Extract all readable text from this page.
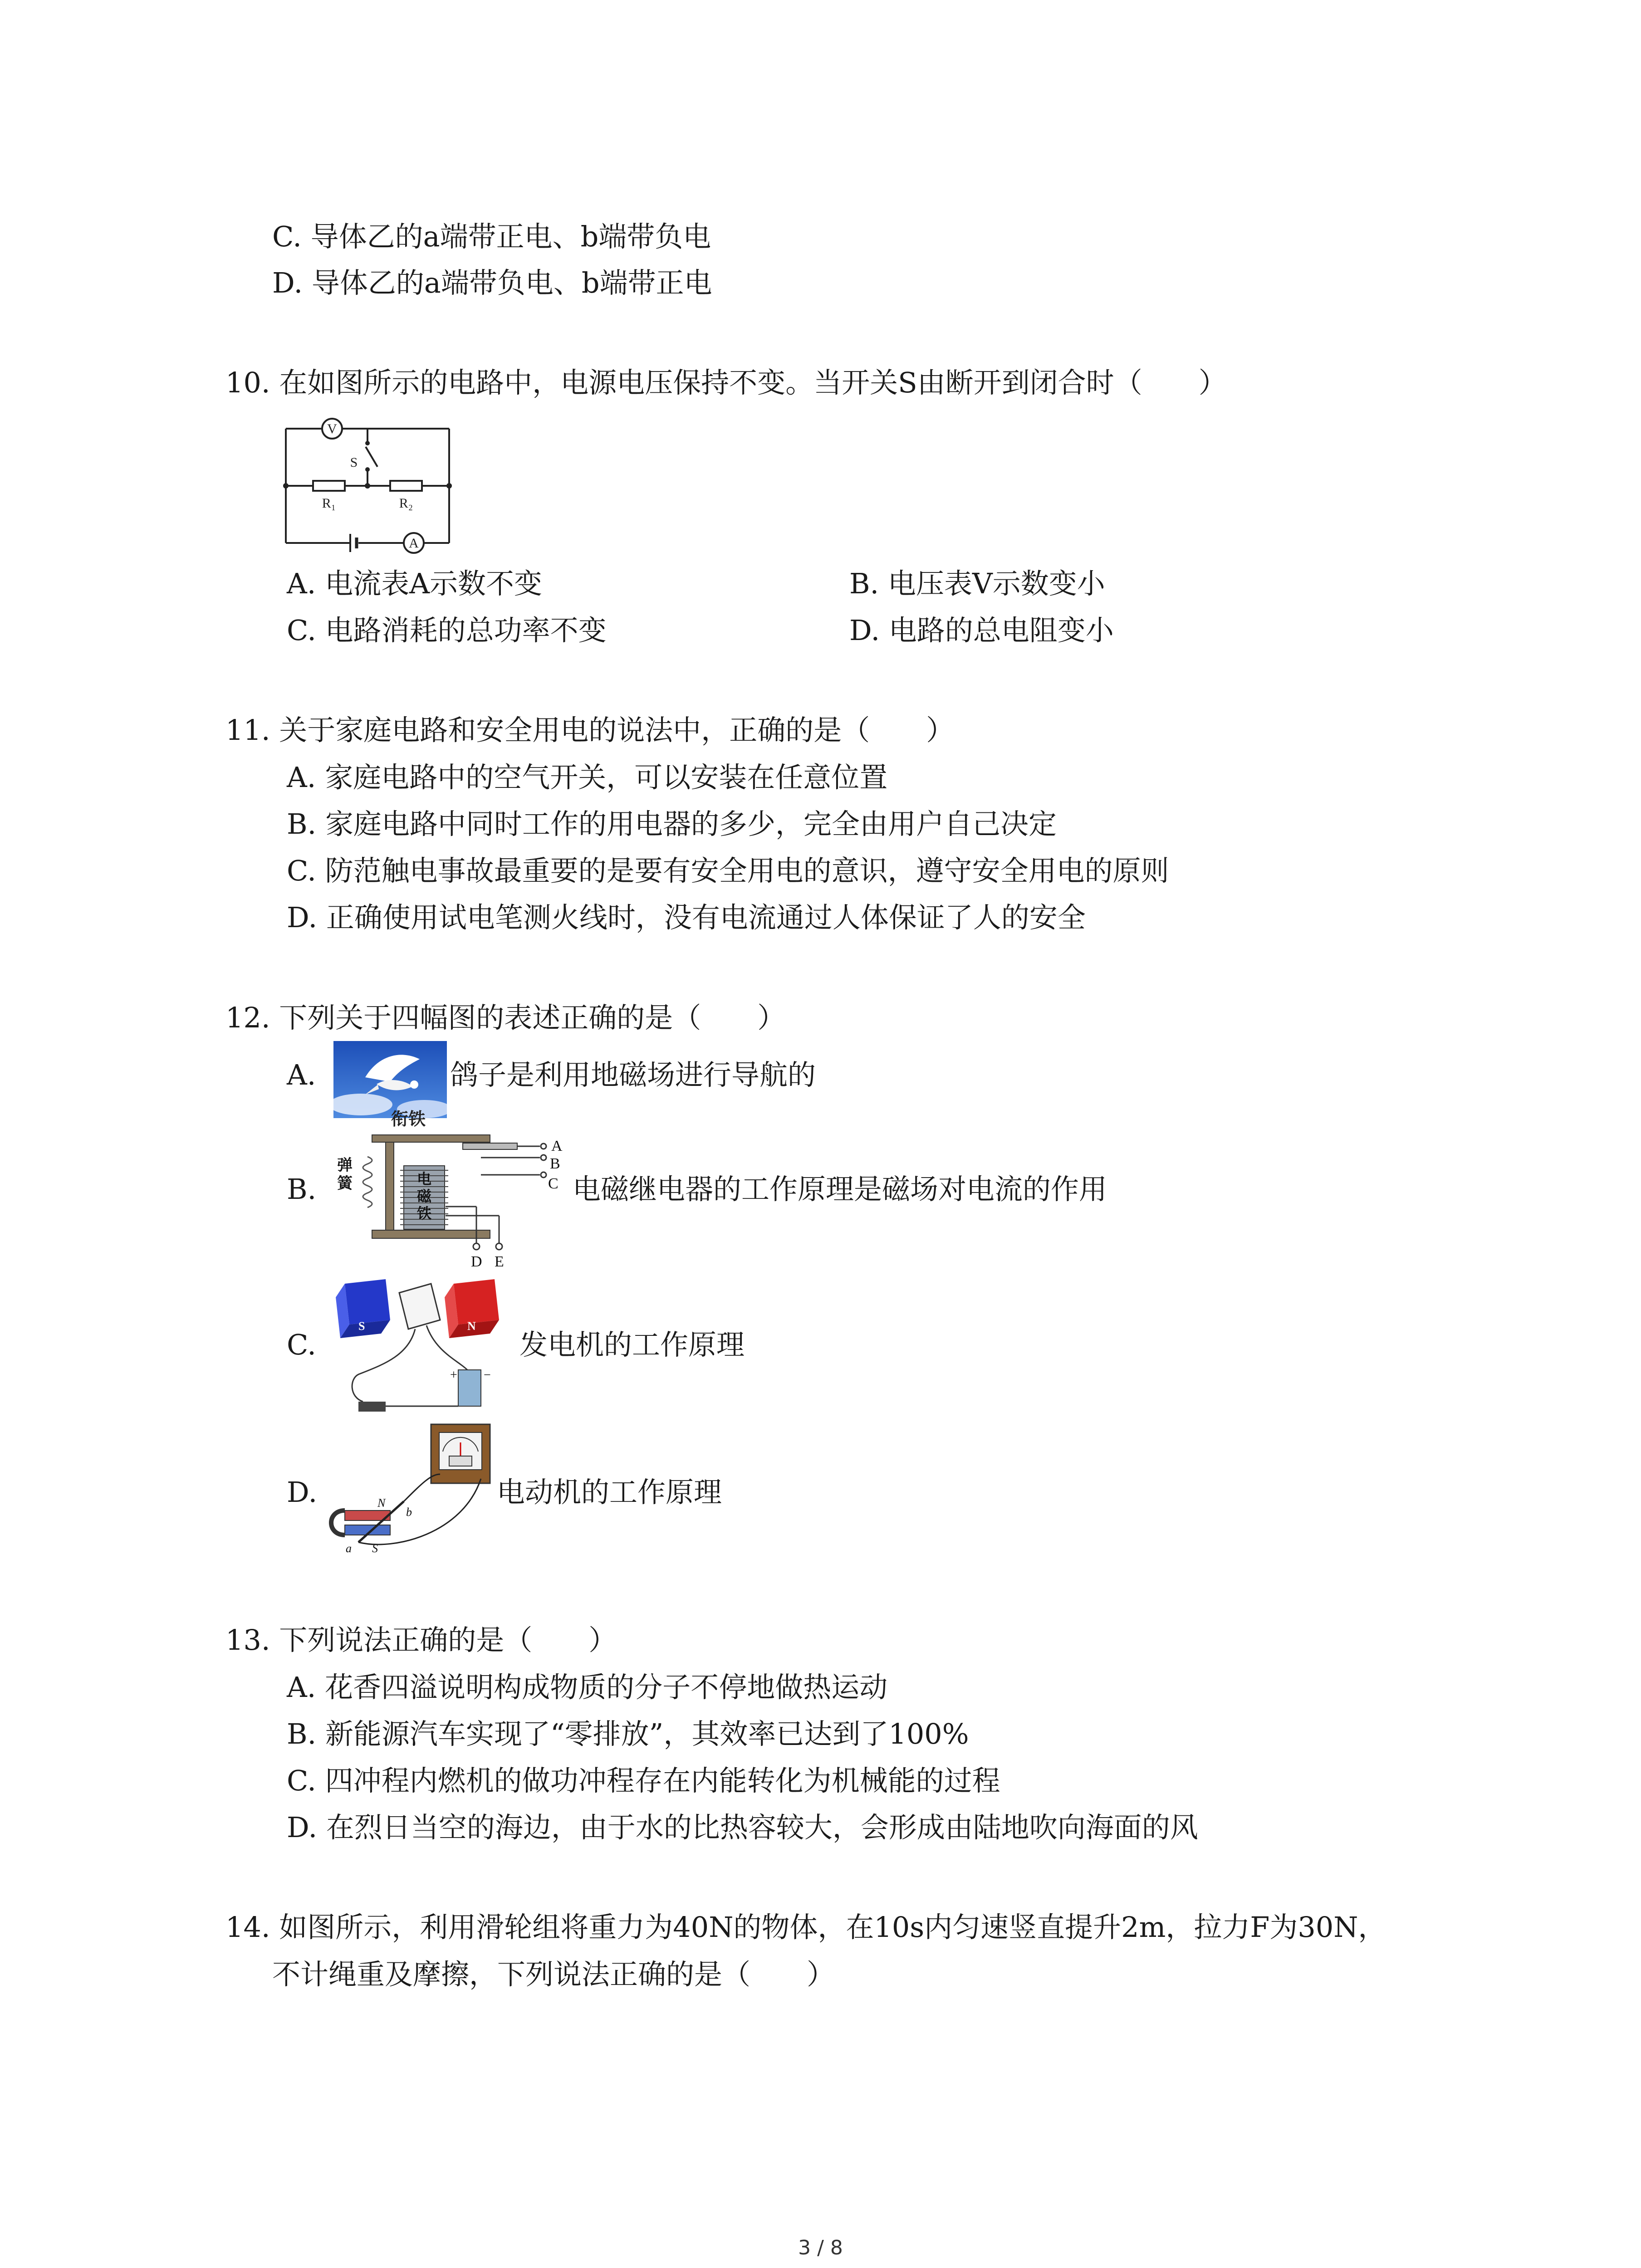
C. 导体乙的a端带正电、b端带负电
D. 导体乙的a端带负电、b端带正电
10. 在如图所示的电路中，电源电压保持不变。当开关S由断开到闭合时（　　）
V
S
R₁	R₂
A
A. 电流表A示数不变	B. 电压表V示数变小
C. 电路消耗的总功率不变	D. 电路的总电阻变小
11. 关于家庭电路和安全用电的说法中，正确的是（　　）
A. 家庭电路中的空气开关，可以安装在任意位置
B. 家庭电路中同时工作的用电器的多少，完全由用户自己决定
C. 防范触电事故最重要的是要有安全用电的意识，遵守安全用电的原则
D. 正确使用试电笔测火线时，没有电流通过人体保证了人的安全
12. 下列关于四幅图的表述正确的是（　　）
A.	鸽子是利用地磁场进行导航的
B.
衔铁
电
磁
铁
弹
簧
A
B
C
D E
电磁继电器的工作原理是磁场对电流的作用
C.
S	N
+ −
发电机的工作原理
D.	N
S
a
b
电动机的工作原理
13. 下列说法正确的是（　　）
A. 花香四溢说明构成物质的分子不停地做热运动
B. 新能源汽车实现了“零排放”，其效率已达到了100%
C. 四冲程内燃机的做功冲程存在内能转化为机械能的过程
D. 在烈日当空的海边，由于水的比热容较大，会形成由陆地吹向海面的风
14. 如图所示，利用滑轮组将重力为40N的物体，在10s内匀速竖直提升2m，拉力F为30N，
不计绳重及摩擦，下列说法正确的是（　　）
3 / 8
